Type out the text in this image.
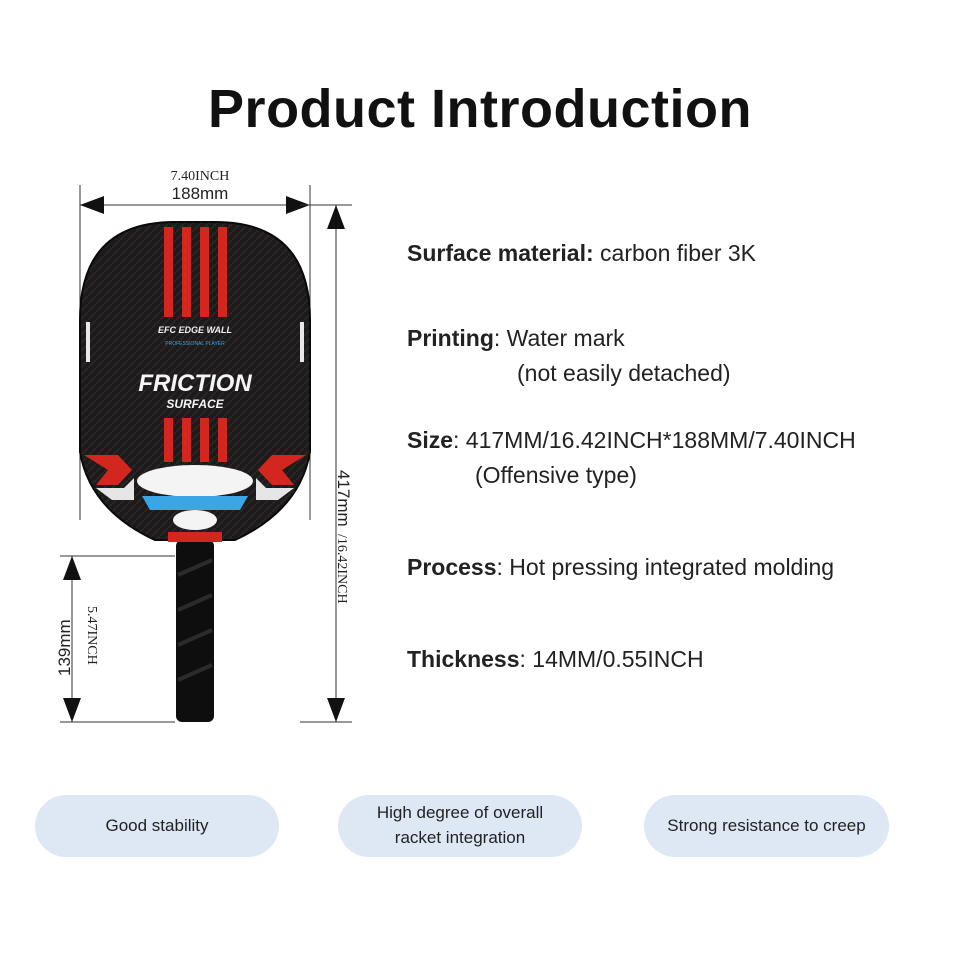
Product Introduction
7.40INCH
188mm
417mm
/16.42INCH
139mm 5.47INCH
EFC EDGE WALL
PROFESSIONAL PLAYER
FRICTION
SURFACE
Surface material: carbon fiber 3K
Printing: Water mark
(not easily detached)
Size: 417MM/16.42INCH*188MM/7.40INCH
(Offensive type)
Process: Hot pressing integrated molding
Thickness: 14MM/0.55INCH
Good stability
High degree of overall
racket integration
Strong resistance to creep
